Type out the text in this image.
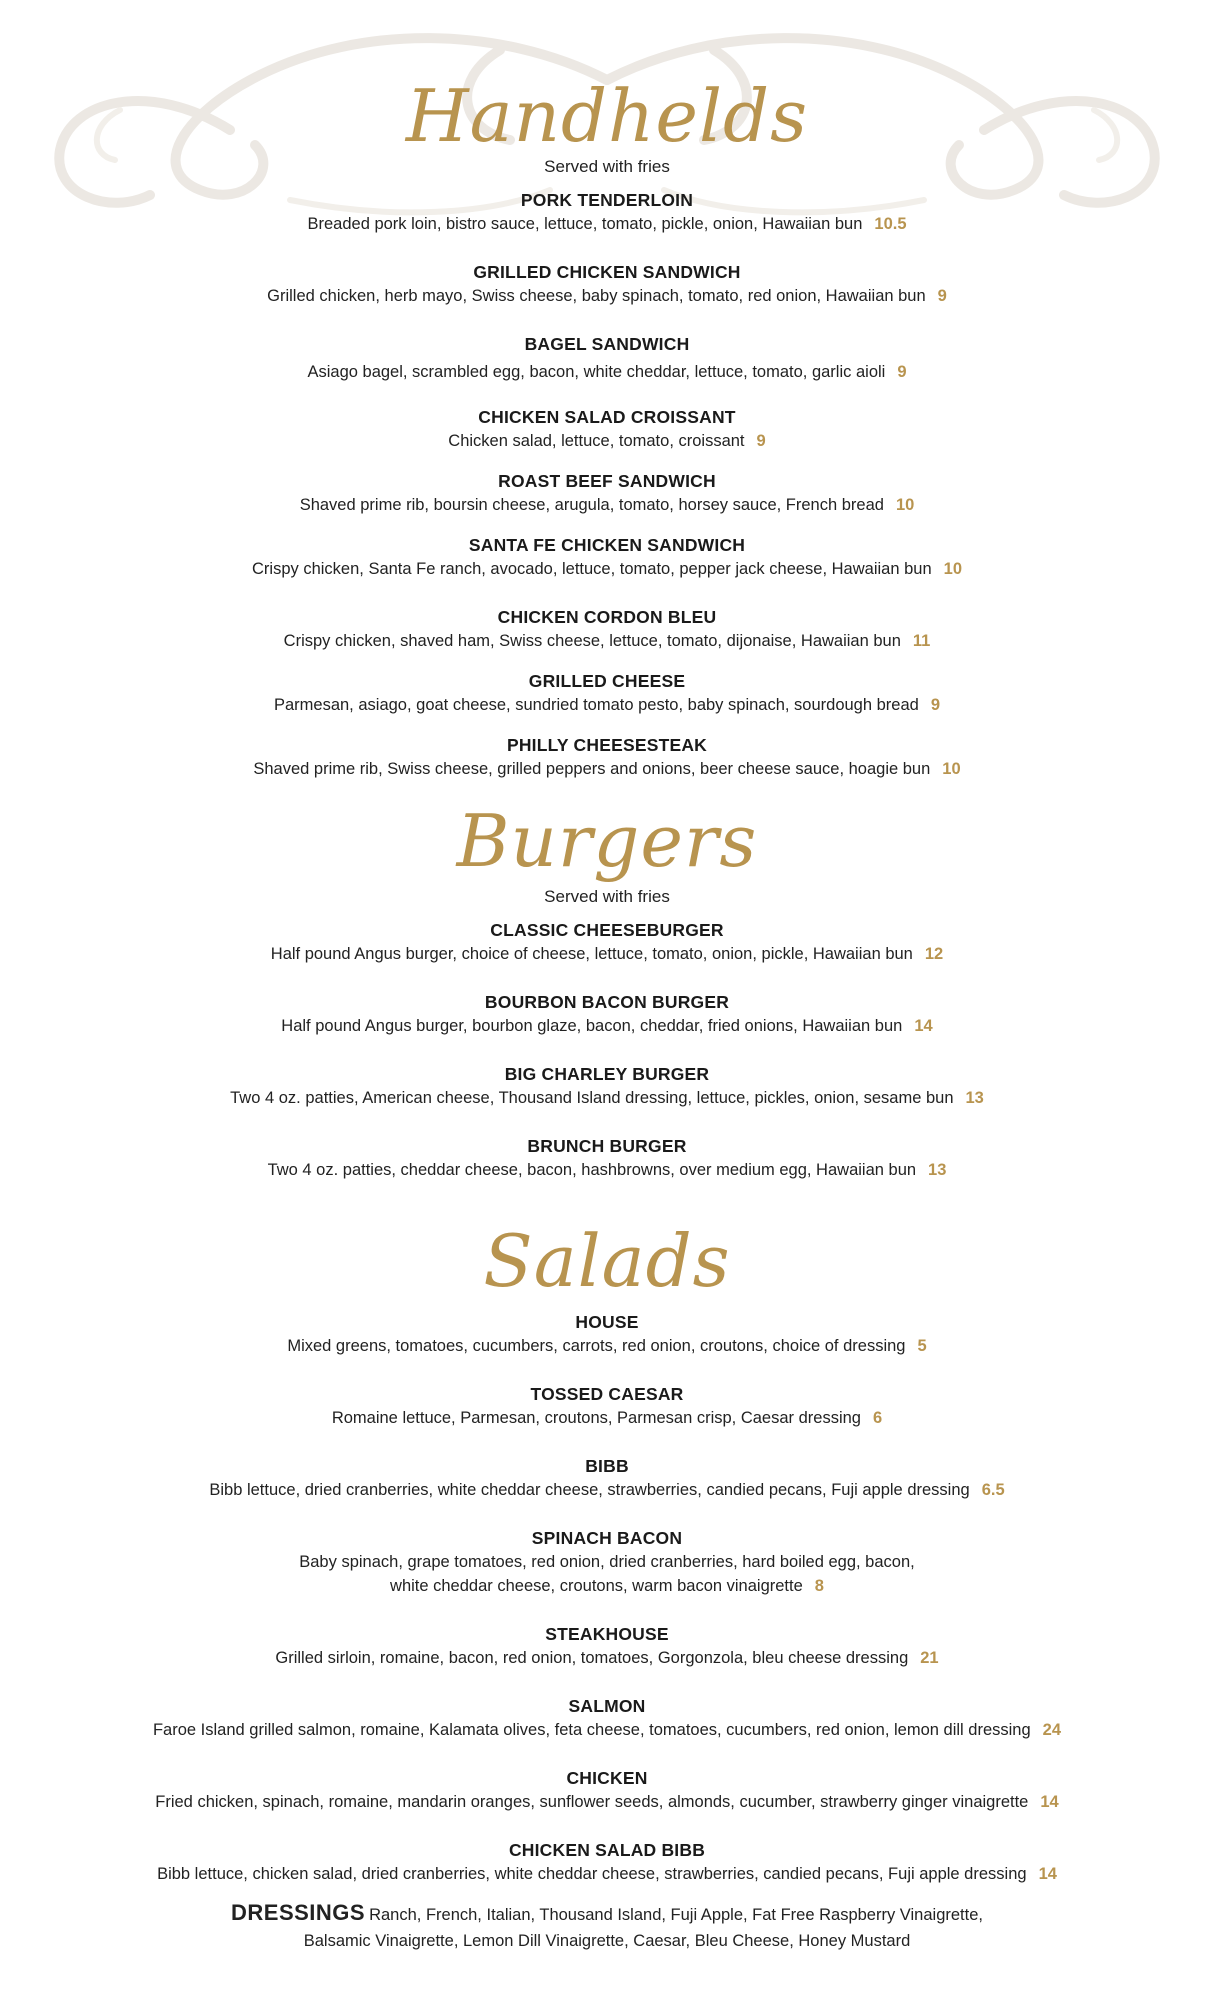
Handhelds
Served with fries
PORK TENDERLOIN
Breaded pork loin, bistro sauce, lettuce, tomato, pickle, onion, Hawaiian bun 10.5
GRILLED CHICKEN SANDWICH
Grilled chicken, herb mayo, Swiss cheese, baby spinach, tomato, red onion, Hawaiian bun 9
BAGEL SANDWICH
Asiago bagel, scrambled egg, bacon, white cheddar, lettuce, tomato, garlic aioli 9
CHICKEN SALAD CROISSANT
Chicken salad, lettuce, tomato, croissant 9
ROAST BEEF SANDWICH
Shaved prime rib, boursin cheese, arugula, tomato, horsey sauce, French bread 10
SANTA FE CHICKEN SANDWICH
Crispy chicken, Santa Fe ranch, avocado, lettuce, tomato, pepper jack cheese, Hawaiian bun 10
CHICKEN CORDON BLEU
Crispy chicken, shaved ham, Swiss cheese, lettuce, tomato, dijonaise, Hawaiian bun 11
GRILLED CHEESE
Parmesan, asiago, goat cheese, sundried tomato pesto, baby spinach, sourdough bread 9
PHILLY CHEESESTEAK
Shaved prime rib, Swiss cheese, grilled peppers and onions, beer cheese sauce, hoagie bun 10
Burgers
Served with fries
CLASSIC CHEESEBURGER
Half pound Angus burger, choice of cheese, lettuce, tomato, onion, pickle, Hawaiian bun 12
BOURBON BACON BURGER
Half pound Angus burger, bourbon glaze, bacon, cheddar, fried onions, Hawaiian bun 14
BIG CHARLEY BURGER
Two 4 oz. patties, American cheese, Thousand Island dressing, lettuce, pickles, onion, sesame bun 13
BRUNCH BURGER
Two 4 oz. patties, cheddar cheese, bacon, hashbrowns, over medium egg, Hawaiian bun 13
Salads
HOUSE
Mixed greens, tomatoes, cucumbers, carrots, red onion, croutons, choice of dressing 5
TOSSED CAESAR
Romaine lettuce, Parmesan, croutons, Parmesan crisp, Caesar dressing 6
BIBB
Bibb lettuce, dried cranberries, white cheddar cheese, strawberries, candied pecans, Fuji apple dressing 6.5
SPINACH BACON
Baby spinach, grape tomatoes, red onion, dried cranberries, hard boiled egg, bacon,
white cheddar cheese, croutons, warm bacon vinaigrette 8
STEAKHOUSE
Grilled sirloin, romaine, bacon, red onion, tomatoes, Gorgonzola, bleu cheese dressing 21
SALMON
Faroe Island grilled salmon, romaine, Kalamata olives, feta cheese, tomatoes, cucumbers, red onion, lemon dill dressing 24
CHICKEN
Fried chicken, spinach, romaine, mandarin oranges, sunflower seeds, almonds, cucumber, strawberry ginger vinaigrette 14
CHICKEN SALAD BIBB
Bibb lettuce, chicken salad, dried cranberries, white cheddar cheese, strawberries, candied pecans, Fuji apple dressing 14
DRESSINGS Ranch, French, Italian, Thousand Island, Fuji Apple, Fat Free Raspberry Vinaigrette,
Balsamic Vinaigrette, Lemon Dill Vinaigrette, Caesar, Bleu Cheese, Honey Mustard
